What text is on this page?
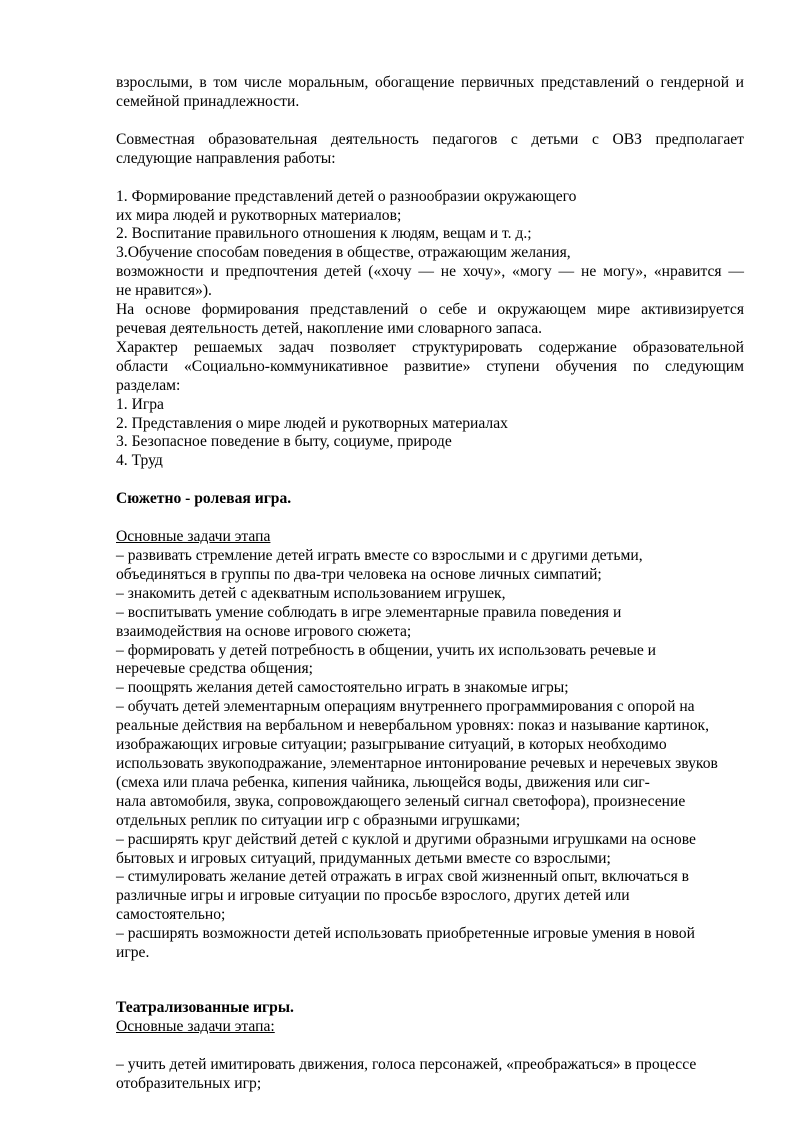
взрослыми, в том числе моральным, обогащение первичных представлений о гендерной и

семейной принадлежности.

Совместная образовательная деятельность педагогов с детьми с ОВЗ предполагает

следующие направления работы:

1. Формирование представлений детей о разнообразии окружающего

их мира людей и рукотворных материалов;

2. Воспитание правильного отношения к людям, вещам и т. д.;

3.Обучение способам поведения в обществе, отражающим желания,

возможности и предпочтения детей («хочу — не хочу», «могу — не могу», «нравится —

не нравится»).

На основе формирования представлений о себе и окружающем мире активизируется

речевая деятельность детей, накопление ими словарного запаса.

Характер решаемых задач позволяет структурировать содержание образовательной

области «Социально-коммуникативное развитие» ступени обучения по следующим

разделам:

1. Игра

2. Представления о мире людей и рукотворных материалах

3. Безопасное поведение в быту, социуме, природе

4. Труд

Сюжетно - ролевая игра.

Основные задачи этапа

– развивать стремление детей играть вместе со взрослыми и с другими детьми,

объединяться в группы по два-три человека на основе личных симпатий;

– знакомить детей с адекватным использованием игрушек,

– воспитывать умение соблюдать в игре элементарные правила поведения и

взаимодействия на основе игрового сюжета;

– формировать у детей потребность в общении, учить их использовать речевые и

неречевые средства общения;

– поощрять желания детей самостоятельно играть в знакомые игры;

– обучать детей элементарным операциям внутреннего программирования с опорой на

реальные действия на вербальном и невербальном уровнях: показ и называние картинок,

изображающих игровые ситуации; разыгрывание ситуаций, в которых необходимо

использовать звукоподражание, элементарное интонирование речевых и неречевых звуков

(смеха или плача ребенка, кипения чайника, льющейся воды, движения или сиг-

нала автомобиля, звука, сопровождающего зеленый сигнал светофора), произнесение

отдельных реплик по ситуации игр с образными игрушками;

– расширять круг действий детей с куклой и другими образными игрушками на основе

бытовых и игровых ситуаций, придуманных детьми вместе со взрослыми;

– стимулировать желание детей отражать в играх свой жизненный опыт, включаться в

различные игры и игровые ситуации по просьбе взрослого, других детей или

самостоятельно;

– расширять возможности детей использовать приобретенные игровые умения в новой

игре.

Театрализованные игры.

Основные задачи этапа:

– учить детей имитировать движения, голоса персонажей, «преображаться» в процессе

отобразительных игр;
